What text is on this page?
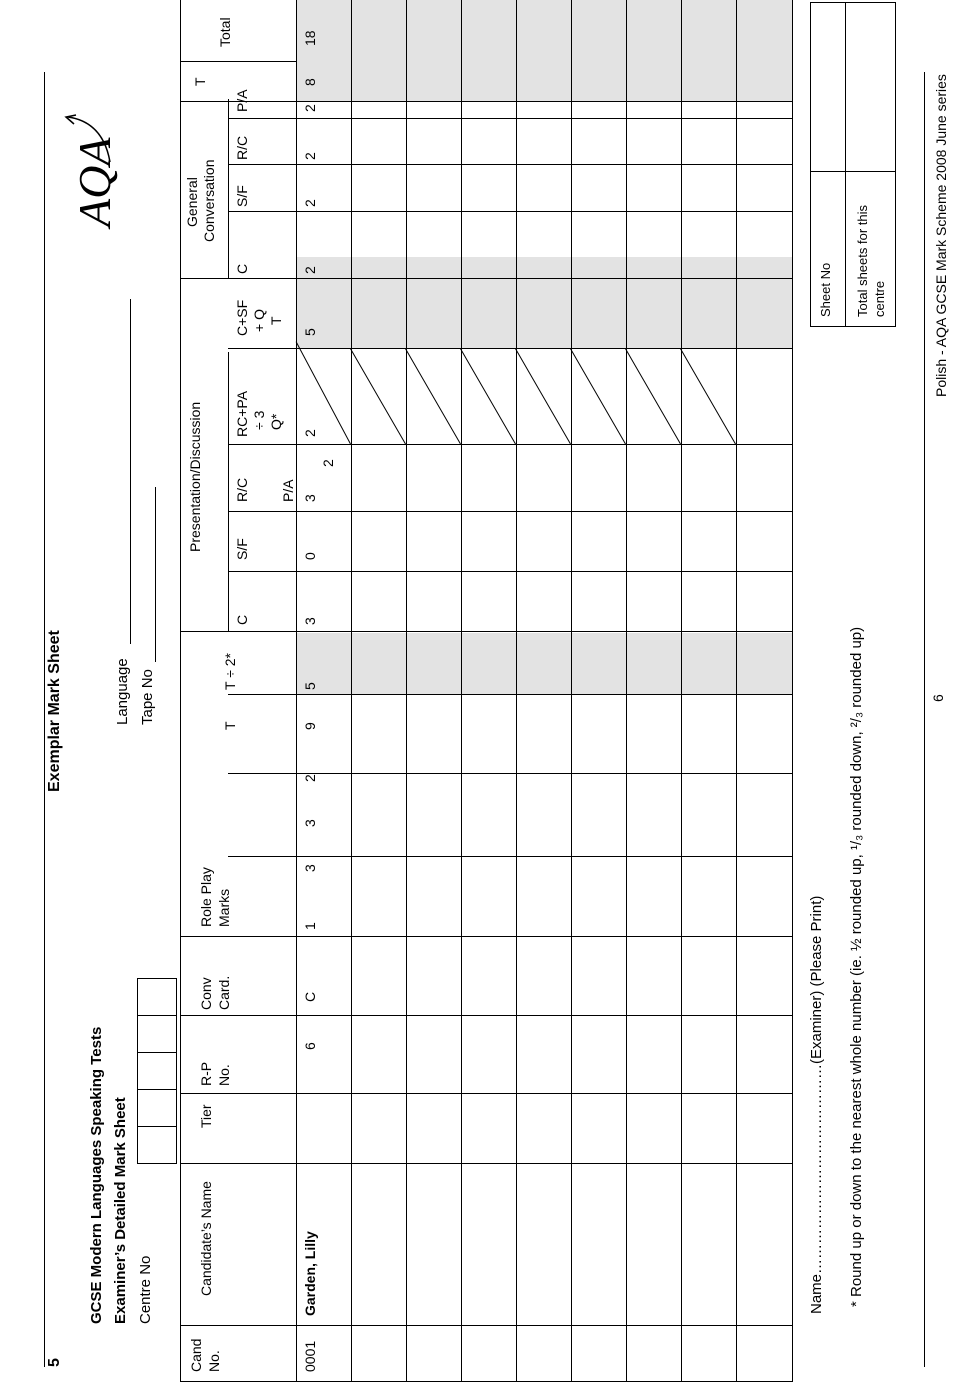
Polish - AQA GCSE Mark Scheme 2008 June series
5
Exemplar Mark Sheet
AQA
GCSE Modern Languages Speaking Tests Examiner’s Detailed Mark Sheet Centre No
Language Tape No
Cand No.
Candidate’s Name
Tier
R-P No.
Conv Card.
Role Play Marks
T
T ÷ 2*
Presentation/Discussion
C
S/F
R/C P/A
RC+PA ÷ 3 Q*
C+SF + Q T
General Conversation
C
S/F
R/C
P/A
T
Total
0001
Garden, Lilly
6
C
1
3
3
2
9
5
3
0
3
2
2
5
2
2
2
2
8
18
Name……………………………………(Examiner) (Please Print) * Round up or down to the nearest whole number (ie. ½ rounded up, ¹/₃ rounded down, ²/₃ rounded up)
Sheet No Total sheets for this centre
6
